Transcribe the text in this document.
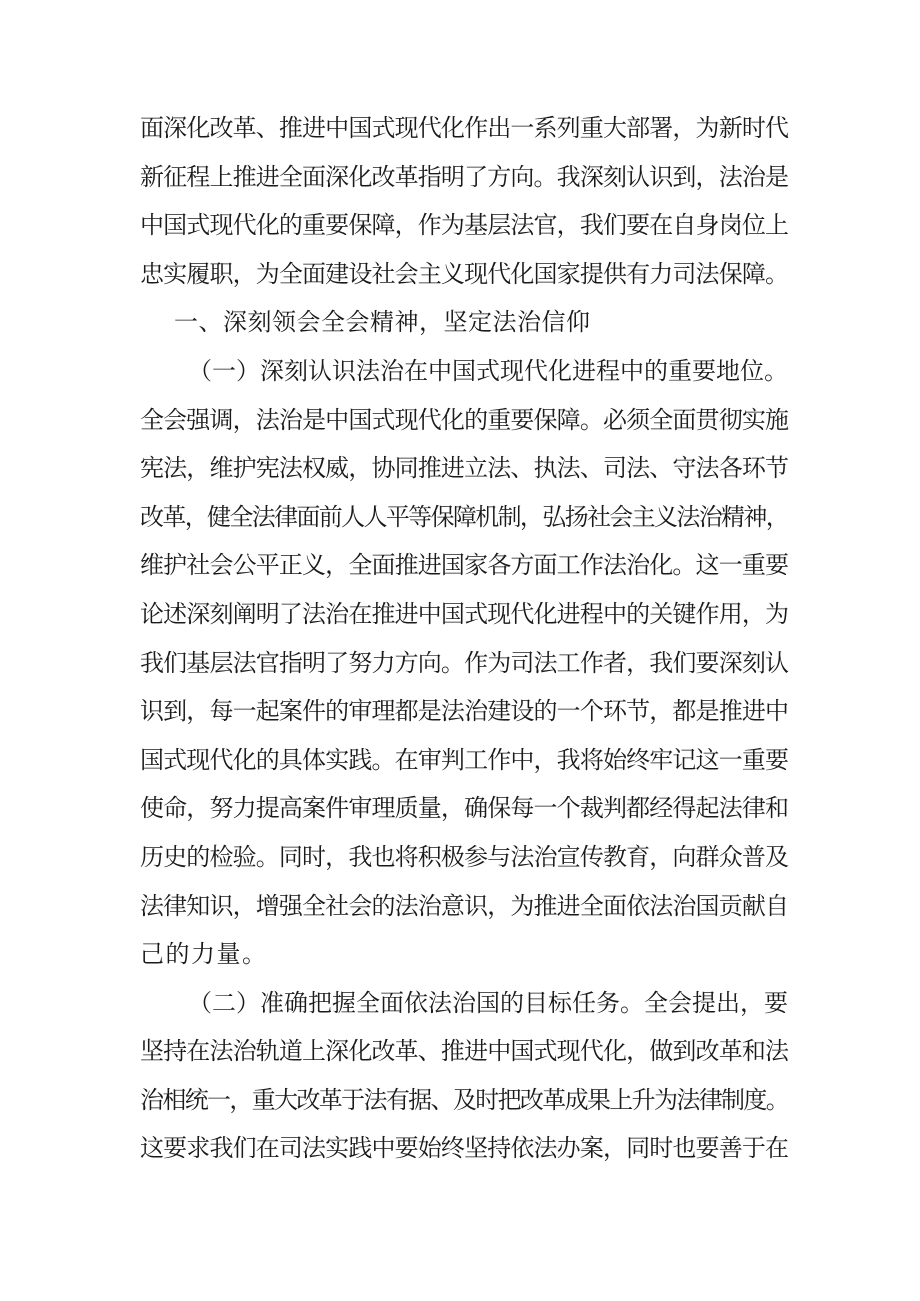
面深化改革、推进中国式现代化作出一系列重大部署，为新时代
新征程上推进全面深化改革指明了方向。我深刻认识到，法治是
中国式现代化的重要保障，作为基层法官，我们要在自身岗位上
忠实履职，为全面建设社会主义现代化国家提供有力司法保障。
一、深刻领会全会精神，坚定法治信仰
（一）深刻认识法治在中国式现代化进程中的重要地位。
全会强调，法治是中国式现代化的重要保障。必须全面贯彻实施
宪法，维护宪法权威，协同推进立法、执法、司法、守法各环节
改革，健全法律面前人人平等保障机制，弘扬社会主义法治精神，
维护社会公平正义，全面推进国家各方面工作法治化。这一重要
论述深刻阐明了法治在推进中国式现代化进程中的关键作用，为
我们基层法官指明了努力方向。作为司法工作者，我们要深刻认
识到，每一起案件的审理都是法治建设的一个环节，都是推进中
国式现代化的具体实践。在审判工作中，我将始终牢记这一重要
使命，努力提高案件审理质量，确保每一个裁判都经得起法律和
历史的检验。同时，我也将积极参与法治宣传教育，向群众普及
法律知识，增强全社会的法治意识，为推进全面依法治国贡献自
己的力量。
（二）准确把握全面依法治国的目标任务。全会提出，要
坚持在法治轨道上深化改革、推进中国式现代化，做到改革和法
治相统一，重大改革于法有据、及时把改革成果上升为法律制度。
这要求我们在司法实践中要始终坚持依法办案，同时也要善于在
